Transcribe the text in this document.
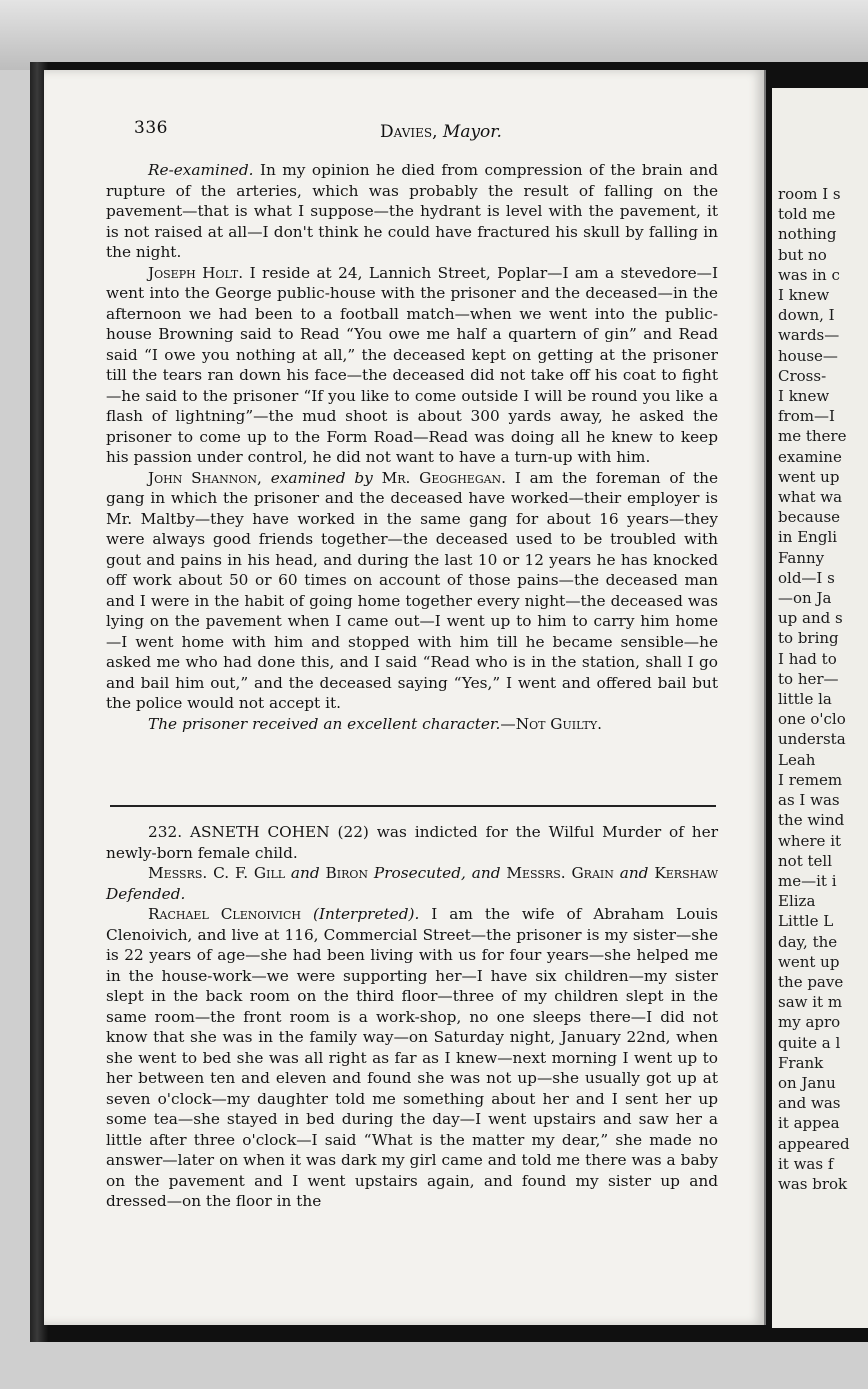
room I s
told me
nothing
but no
was in c
I knew
down, I
wards—
house—
Cross-
I knew
from—I
me there
examine
went up
what wa
because
in Engli
Fanny
old—I s
—on Ja
up and s
to bring
I had to
to her—
little la
one o'clo
understa
Leah
I remem
as I was
the wind
where it
not tell
me—it i
Eliza
Little L
day, the
went up
the pave
saw it m
my apro
quite a l
Frank
on Janu
and was
it appea
appeared
it was f
was brok
336	Davies, Mayor.

Re-examined. In my opinion he died from compression of the brain and rupture of the arteries, which was probably the result of falling on the pavement—that is what I suppose—the hydrant is level with the pavement, it is not raised at all—I don't think he could have fractured his skull by falling in the night.

Joseph Holt. I reside at 24, Lannich Street, Poplar—I am a stevedore—I went into the George public-house with the prisoner and the deceased—in the afternoon we had been to a football match—when we went into the public-house Browning said to Read “You owe me half a quartern of gin” and Read said “I owe you nothing at all,” the deceased kept on getting at the prisoner till the tears ran down his face—the deceased did not take off his coat to fight—he said to the prisoner “If you like to come outside I will be round you like a flash of lightning”—the mud shoot is about 300 yards away, he asked the prisoner to come up to the Form Road—Read was doing all he knew to keep his passion under control, he did not want to have a turn-up with him.

John Shannon, examined by Mr. Geoghegan. I am the foreman of the gang in which the prisoner and the deceased have worked—their employer is Mr. Maltby—they have worked in the same gang for about 16 years—they were always good friends together—the deceased used to be troubled with gout and pains in his head, and during the last 10 or 12 years he has knocked off work about 50 or 60 times on account of those pains—the deceased man and I were in the habit of going home together every night—the deceased was lying on the pavement when I came out—I went up to him to carry him home—I went home with him and stopped with him till he became sensible—he asked me who had done this, and I said “Read who is in the station, shall I go and bail him out,” and the deceased saying “Yes,” I went and offered bail but the police would not accept it.

The prisoner received an excellent character.—Not Guilty.

232. ASNETH COHEN (22) was indicted for the Wilful Murder of her newly-born female child.

Messrs. C. F. Gill and Biron Prosecuted, and Messrs. Grain and Kershaw Defended.

Rachael Clenoivich (Interpreted). I am the wife of Abraham Louis Clenoivich, and live at 116, Commercial Street—the prisoner is my sister—she is 22 years of age—she had been living with us for four years—she helped me in the house-work—we were supporting her—I have six children—my sister slept in the back room on the third floor—three of my children slept in the same room—the front room is a work-shop, no one sleeps there—I did not know that she was in the family way—on Saturday night, January 22nd, when she went to bed she was all right as far as I knew—next morning I went up to her between ten and eleven and found she was not up—she usually got up at seven o'clock—my daughter told me something about her and I sent her up some tea—she stayed in bed during the day—I went upstairs and saw her a little after three o'clock—I said “What is the matter my dear,” she made no answer—later on when it was dark my girl came and told me there was a baby on the pavement and I went upstairs again, and found my sister up and dressed—on the floor in the
